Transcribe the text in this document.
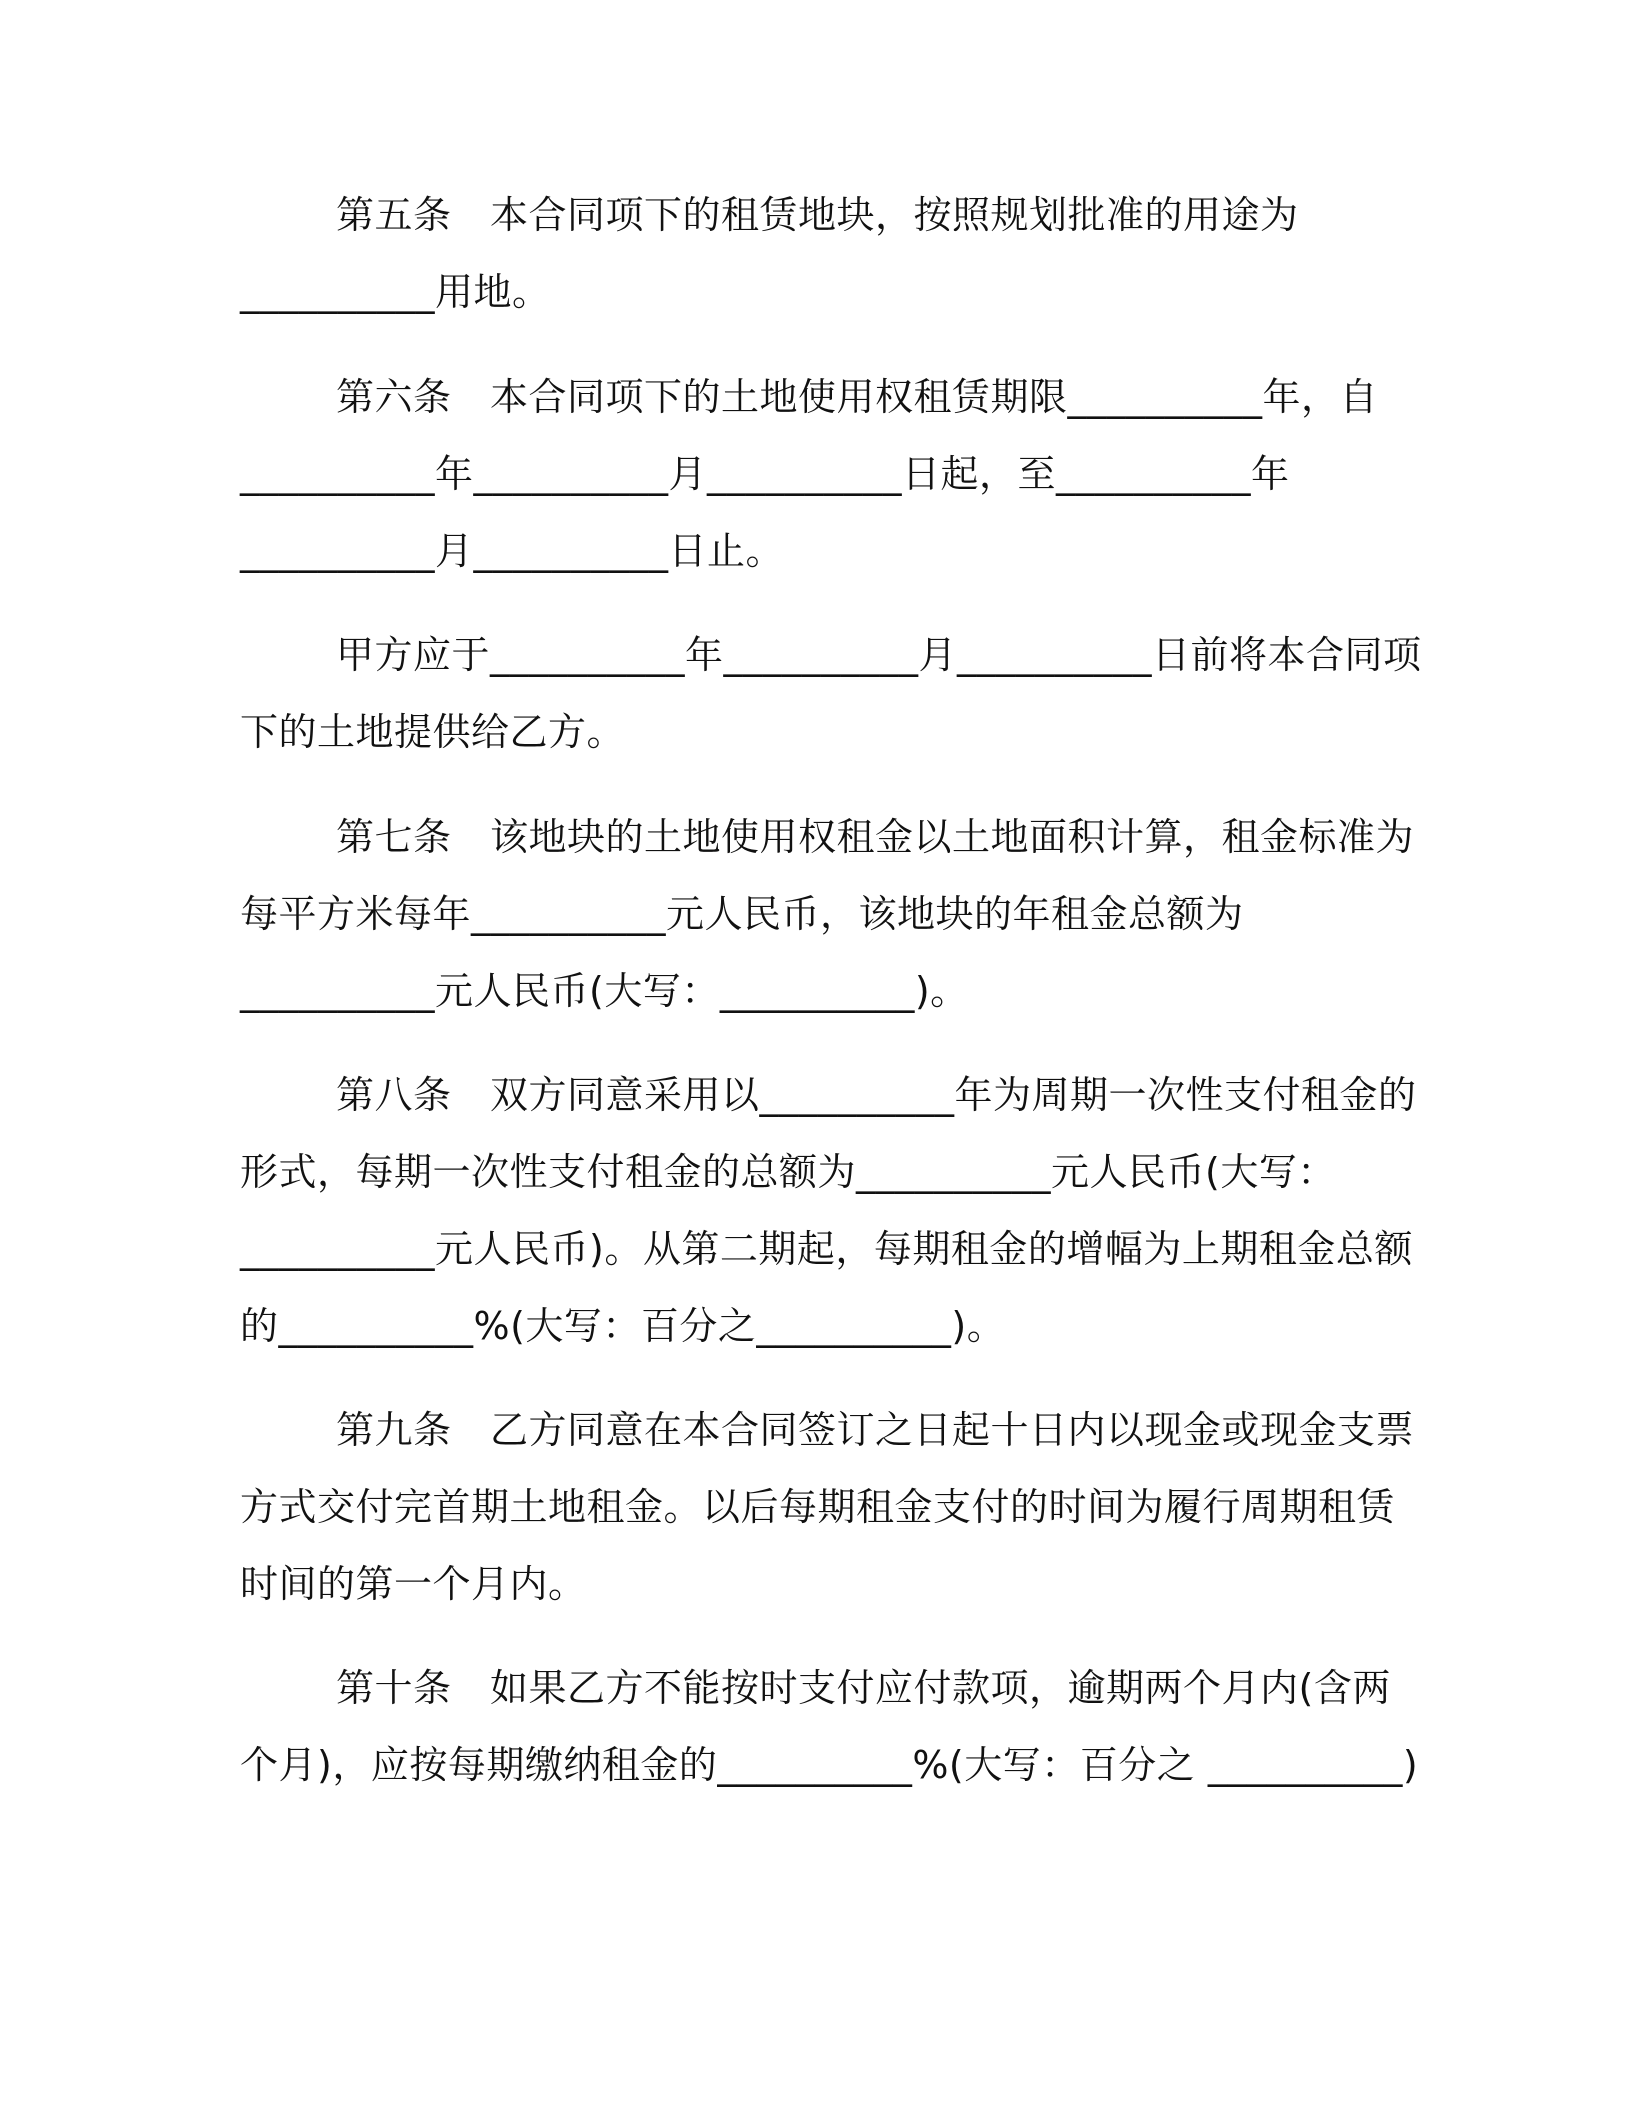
第五条　本合同项下的租赁地块，按照规划批准的用途为
__________用地。
第六条　本合同项下的土地使用权租赁期限__________年，自
__________年__________月__________日起，至__________年
__________月__________日止。
甲方应于__________年__________月__________日前将本合同项
下的土地提供给乙方。
第七条　该地块的土地使用权租金以土地面积计算，租金标准为
每平方米每年__________元人民币，该地块的年租金总额为
__________元人民币(大写：__________)。
第八条　双方同意采用以__________年为周期一次性支付租金的
形式，每期一次性支付租金的总额为__________元人民币(大写：
__________元人民币)。从第二期起，每期租金的增幅为上期租金总额
的__________%(大写：百分之__________)。
第九条　乙方同意在本合同签订之日起十日内以现金或现金支票
方式交付完首期土地租金。以后每期租金支付的时间为履行周期租赁
时间的第一个月内。
第十条　如果乙方不能按时支付应付款项，逾期两个月内(含两
个月)，应按每期缴纳租金的__________%(大写：百分之 __________)
